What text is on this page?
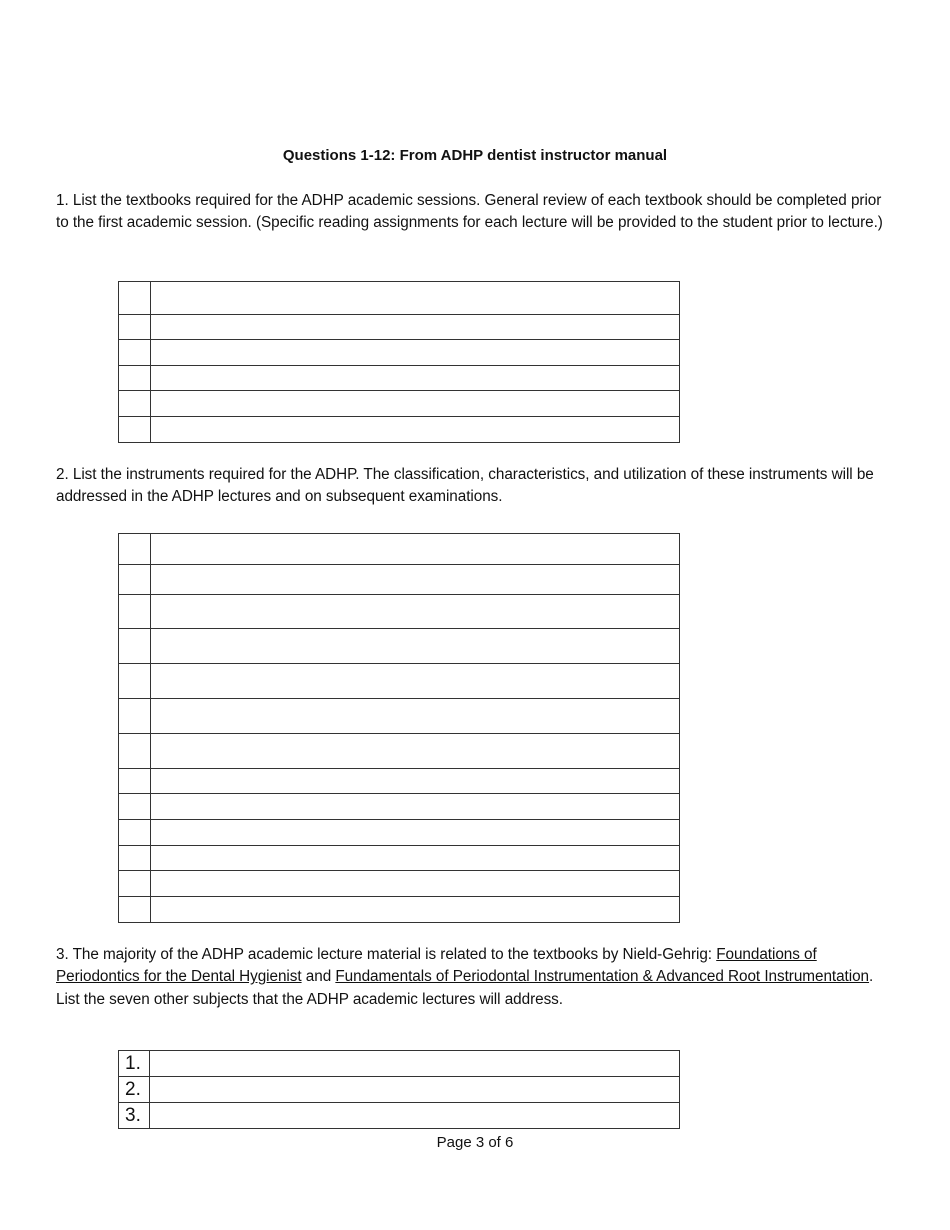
Questions 1-12: From ADHP dentist instructor manual
1. List the textbooks required for the ADHP academic sessions. General review of each textbook should be completed prior to the first academic session. (Specific reading assignments for each lecture will be provided to the student prior to lecture.)

2. List the instruments required for the ADHP. The classification, characteristics, and utilization of these instruments will be addressed in the ADHP lectures and on subsequent examinations.

3. The majority of the ADHP academic lecture material is related to the textbooks by Nield-Gehrig: Foundations of Periodontics for the Dental Hygienist and Fundamentals of Periodontal Instrumentation & Advanced Root Instrumentation. List the seven other subjects that the ADHP academic lectures will address.
1.	
2.	
3.	
Page 3 of 6
